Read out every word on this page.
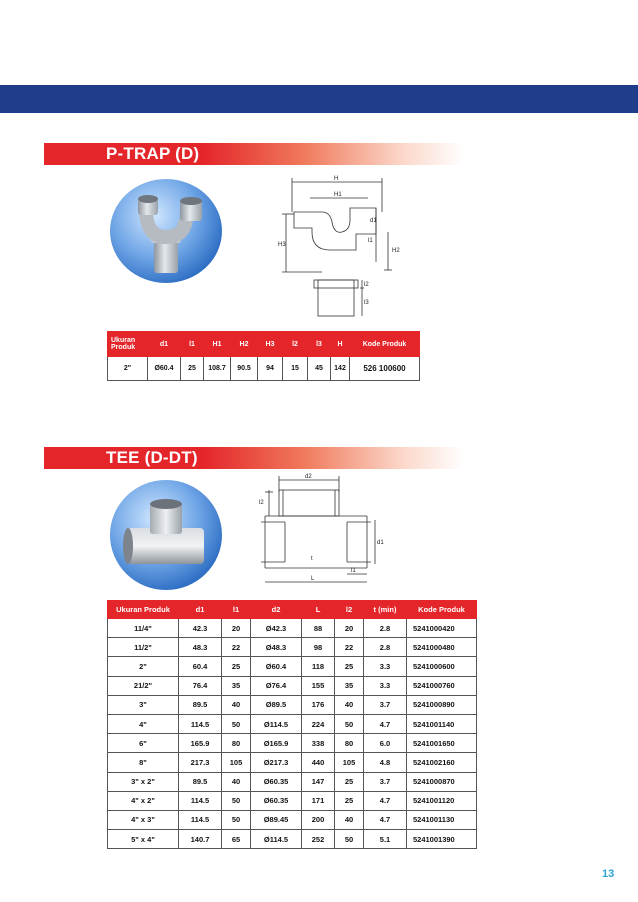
P-TRAP (D)
H
H1
H3
H2
d1
l1
l2
l3
Ukuran Produk	d1	l1	H1	H2	H3	l2	l3	H	Kode Produk
2"	Ø60.4	25	108.7	90.5	94	15	45	142	526 100600
TEE (D-DT)
d2
l2
d1
l1
L
t
Ukuran Produk	d1	l1	d2	L	l2	t (min)	Kode Produk
11/4"	42.3	20	Ø42.3	88	20	2.8	5241000420
11/2"	48.3	22	Ø48.3	98	22	2.8	5241000480
2"	60.4	25	Ø60.4	118	25	3.3	5241000600
21/2"	76.4	35	Ø76.4	155	35	3.3	5241000760
3"	89.5	40	Ø89.5	176	40	3.7	5241000890
4"	114.5	50	Ø114.5	224	50	4.7	5241001140
6"	165.9	80	Ø165.9	338	80	6.0	5241001650
8"	217.3	105	Ø217.3	440	105	4.8	5241002160
3" x 2"	89.5	40	Ø60.35	147	25	3.7	5241000870
4" x 2"	114.5	50	Ø60.35	171	25	4.7	5241001120
4" x 3"	114.5	50	Ø89.45	200	40	4.7	5241001130
5" x 4"	140.7	65	Ø114.5	252	50	5.1	5241001390
13
